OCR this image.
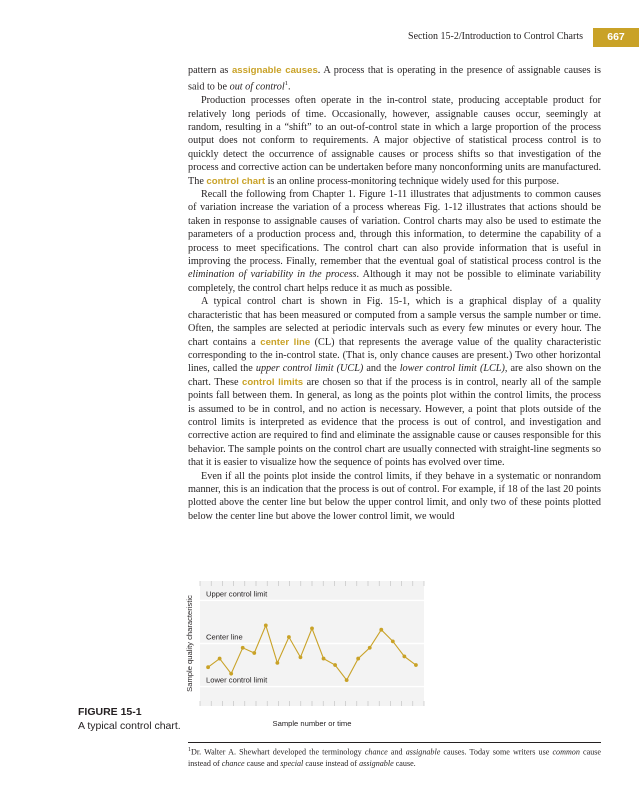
Section 15-2/Introduction to Control Charts	667

pattern as assignable causes. A process that is operating in the presence of assignable causes is said to be out of control$^1$.

Production processes often operate in the in-control state, producing acceptable product for relatively long periods of time. Occasionally, however, assignable causes occur, seemingly at random, resulting in a “shift” to an out-of-control state in which a large proportion of the process output does not conform to requirements. A major objective of statistical process control is to quickly detect the occurrence of assignable causes or process shifts so that investigation of the process and corrective action can be undertaken before many nonconforming units are manufactured. The control chart is an online process-monitoring technique widely used for this purpose.

Recall the following from Chapter 1. Figure 1-11 illustrates that adjustments to common causes of variation increase the variation of a process whereas Fig. 1-12 illustrates that actions should be taken in response to assignable causes of variation. Control charts may also be used to estimate the parameters of a production process and, through this information, to determine the capability of a process to meet specifications. The control chart can also provide information that is useful in improving the process. Finally, remember that the eventual goal of statistical process control is the elimination of variability in the process. Although it may not be possible to eliminate variability completely, the control chart helps reduce it as much as possible.

A typical control chart is shown in Fig. 15-1, which is a graphical display of a quality characteristic that has been measured or computed from a sample versus the sample number or time. Often, the samples are selected at periodic intervals such as every few minutes or every hour. The chart contains a center line (CL) that represents the average value of the quality characteristic corresponding to the in-control state. (That is, only chance causes are present.) Two other horizontal lines, called the upper control limit (UCL) and the lower control limit (LCL), are also shown on the chart. These control limits are chosen so that if the process is in control, nearly all of the sample points fall between them. In general, as long as the points plot within the control limits, the process is assumed to be in control, and no action is necessary. However, a point that plots outside of the control limits is interpreted as evidence that the process is out of control, and investigation and corrective action are required to find and eliminate the assignable cause or causes responsible for this behavior. The sample points on the control chart are usually connected with straight-line segments so that it is easier to visualize how the sequence of points has evolved over time.

Even if all the points plot inside the control limits, if they behave in a systematic or nonrandom manner, this is an indication that the process is out of control. For example, if 18 of the last 20 points plotted above the center line but below the upper control limit, and only two of these points plotted below the center line but above the lower control limit, we would

Upper control limit
Center line
Lower control limit
Sample number or time
Sample quality characteristic
FIGURE 15-1
A typical control chart.
$^1$Dr. Walter A. Shewhart developed the terminology chance and assignable causes. Today some writers use common cause instead of chance cause and special cause instead of assignable cause.
